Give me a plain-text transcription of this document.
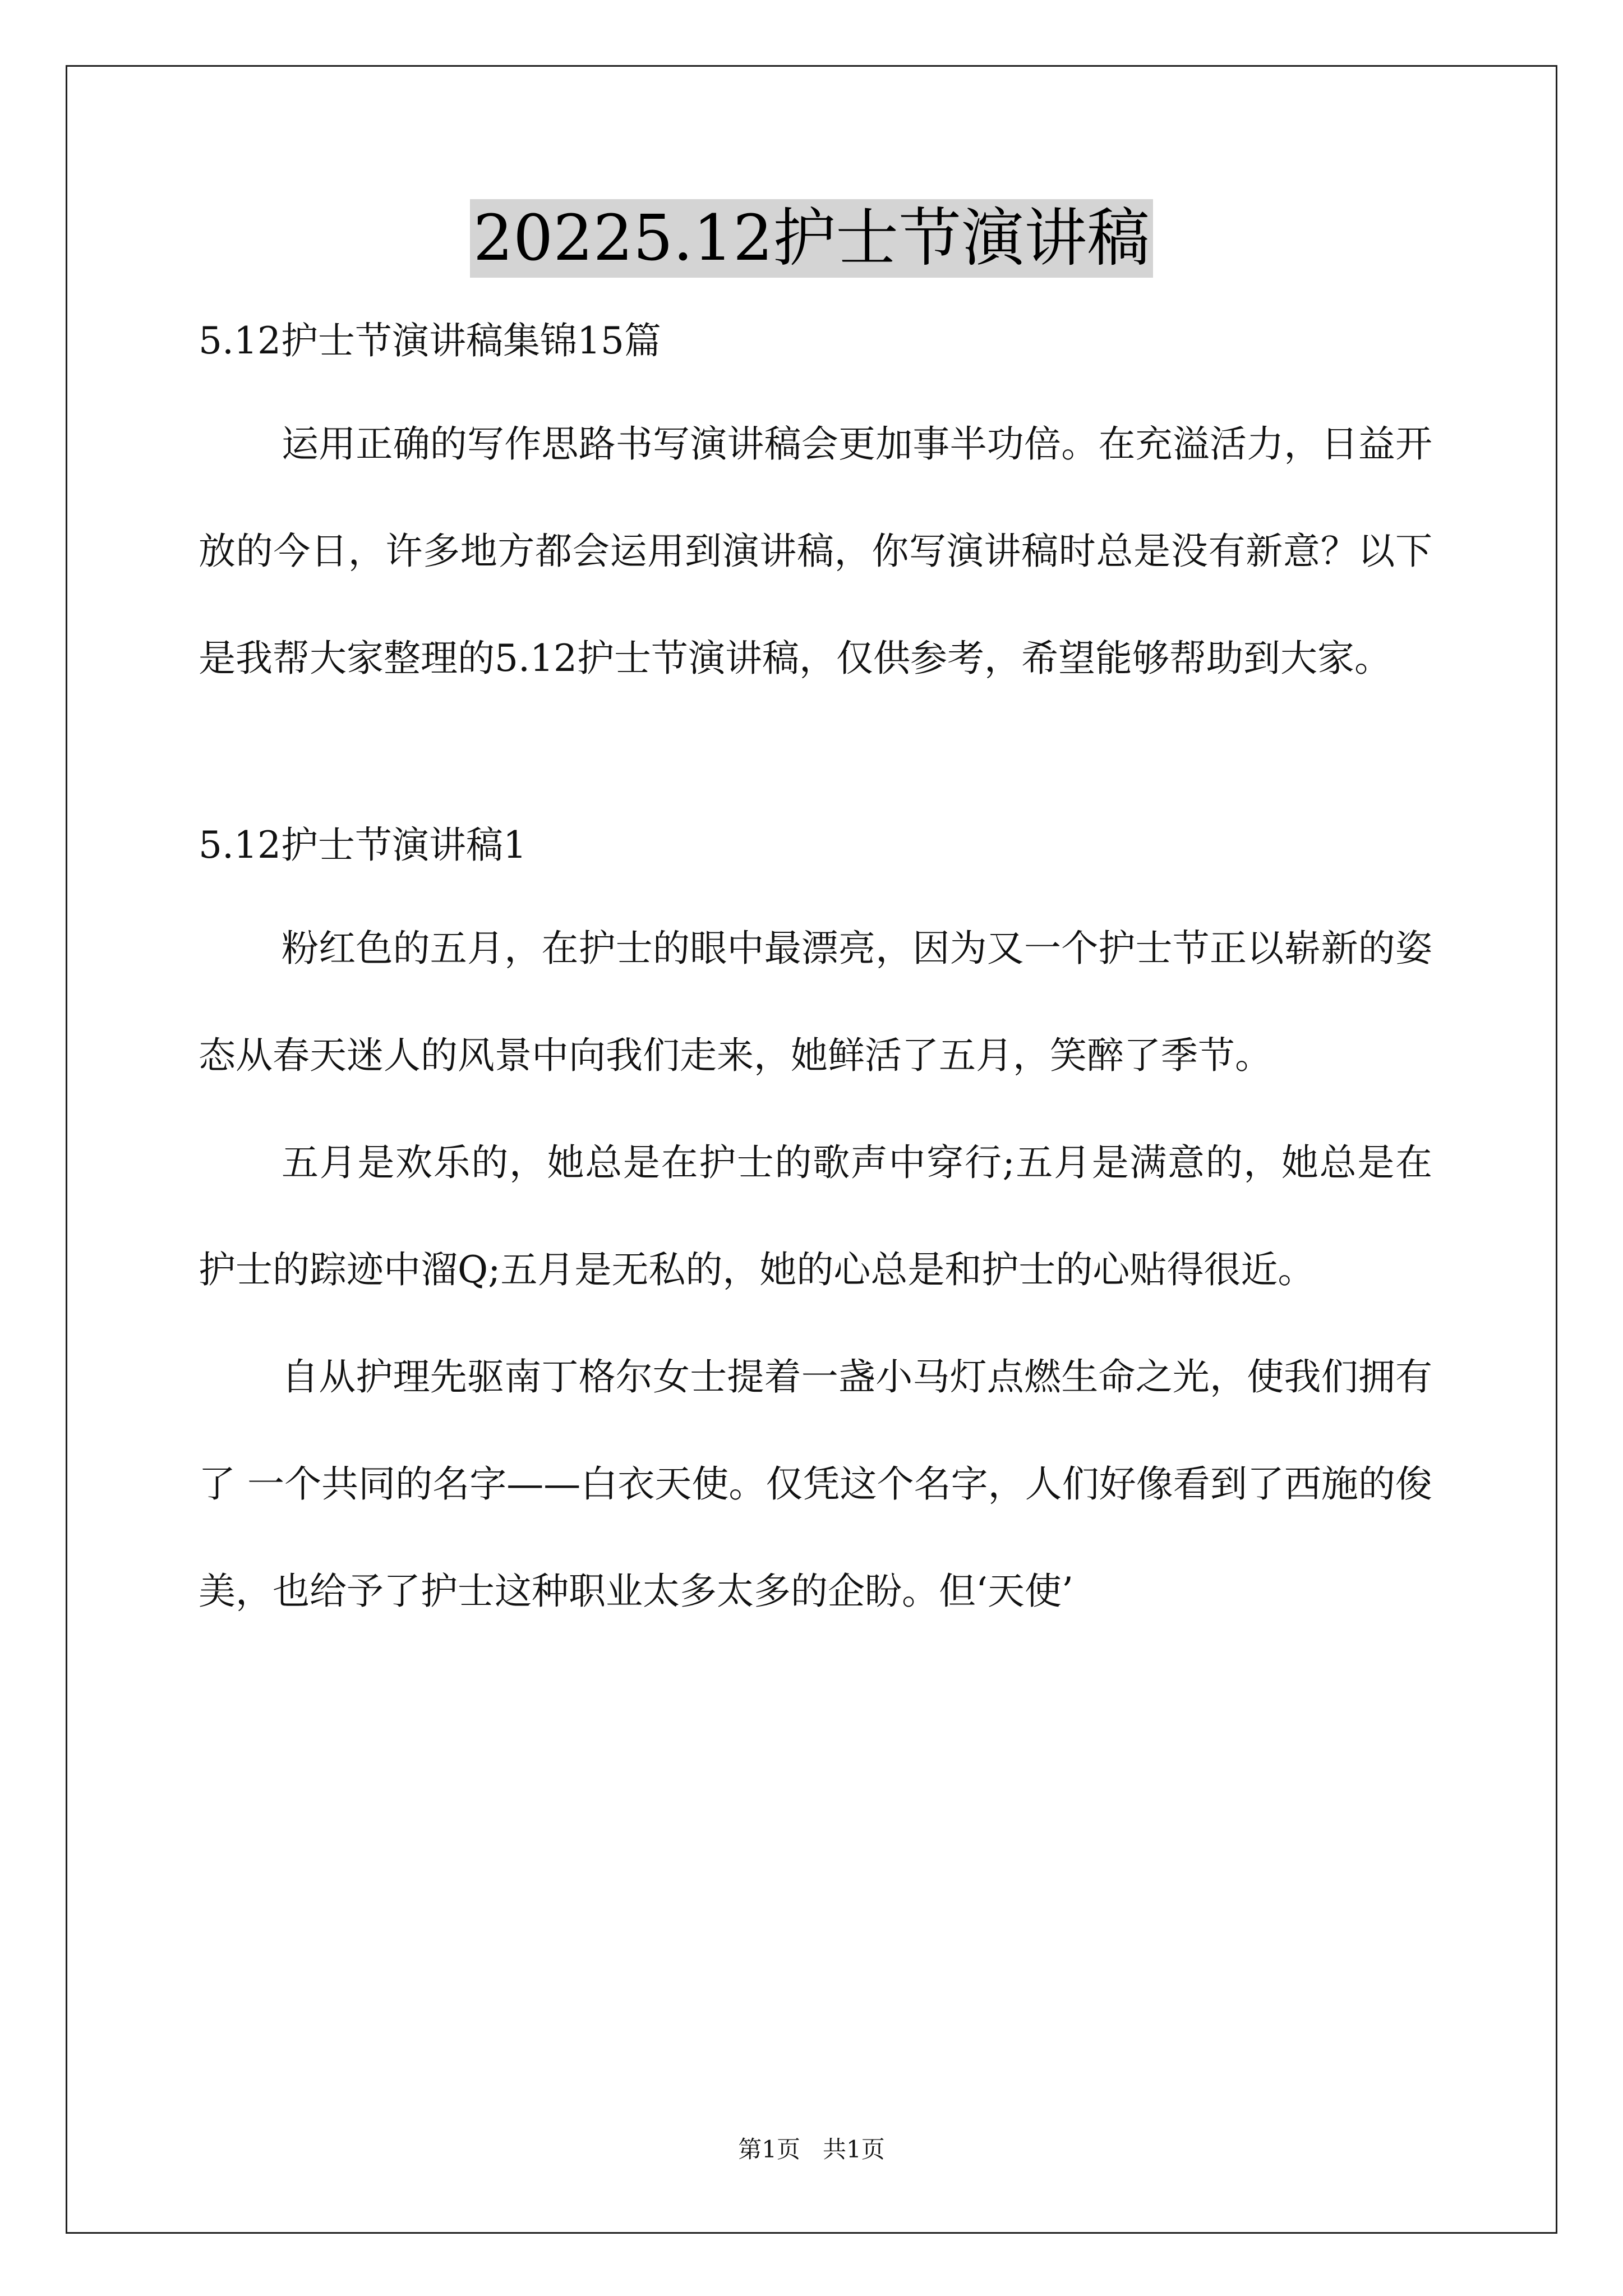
20225.12护士节演讲稿

5.12护士节演讲稿集锦15篇

运用正确的写作思路书写演讲稿会更加事半功倍。在充溢活力，日益开放的今日，许多地方都会运用到演讲稿，你写演讲稿时总是没有新意？以下是我帮大家整理的5.12护士节演讲稿，仅供参考，希望能够帮助到大家。

5.12护士节演讲稿1

粉红色的五月，在护士的眼中最漂亮，因为又一个护士节正以崭新的姿态从春天迷人的风景中向我们走来，她鲜活了五月，笑醉了季节。

五月是欢乐的，她总是在护士的歌声中穿行;五月是满意的，她总是在护士的踪迹中溜Q;五月是无私的，她的心总是和护士的心贴得很近。

自从护理先驱南丁格尔女士提着一盏小马灯点燃生命之光，使我们拥有了 一个共同的名字——白衣天使。仅凭这个名字，人们好像看到了西施的俊美，也给予了护士这种职业太多太多的企盼。但‘天使’

第1页   共1页
